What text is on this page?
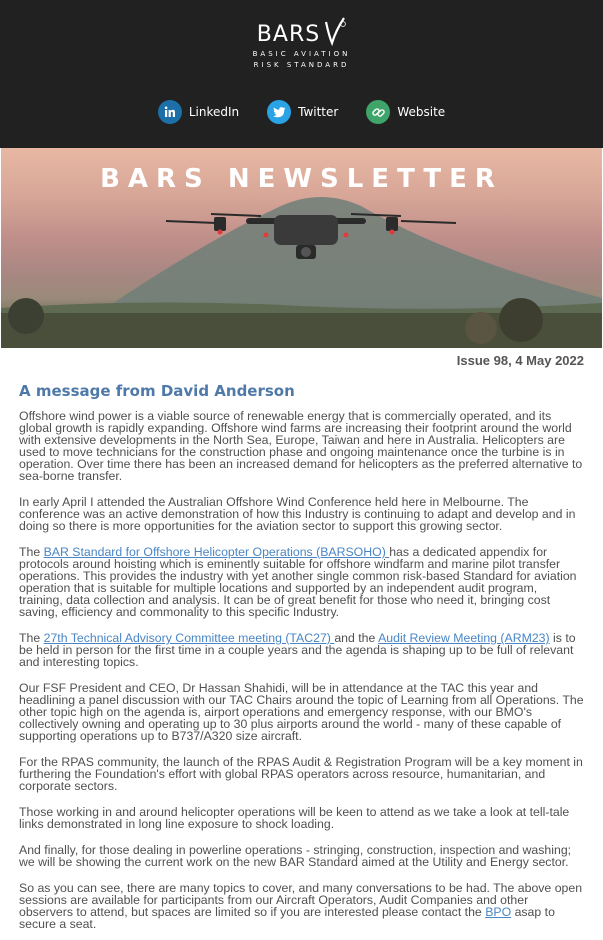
BARS
BASIC AVIATION
RISK STANDARD
LinkedIn	Twitter	Website
BARS NEWSLETTER
Issue 98, 4 May 2022
A message from David Anderson

Offshore wind power is a viable source of renewable energy that is commercially operated, and its global growth is rapidly expanding. Offshore wind farms are increasing their footprint around the world with extensive developments in the North Sea, Europe, Taiwan and here in Australia. Helicopters are used to move technicians for the construction phase and ongoing maintenance once the turbine is in operation. Over time there has been an increased demand for helicopters as the preferred alternative to sea-borne transfer.

In early April I attended the Australian Offshore Wind Conference held here in Melbourne. The conference was an active demonstration of how this Industry is continuing to adapt and develop and in doing so there is more opportunities for the aviation sector to support this growing sector.

The BAR Standard for Offshore Helicopter Operations (BARSOHO) has a dedicated appendix for protocols around hoisting which is eminently suitable for offshore windfarm and marine pilot transfer operations. This provides the industry with yet another single common risk-based Standard for aviation operation that is suitable for multiple locations and supported by an independent audit program, training, data collection and analysis. It can be of great benefit for those who need it, bringing cost saving, efficiency and commonality to this specific Industry.

The 27th Technical Advisory Committee meeting (TAC27) and the Audit Review Meeting (ARM23) is to be held in person for the first time in a couple years and the agenda is shaping up to be full of relevant and interesting topics.

Our FSF President and CEO, Dr Hassan Shahidi, will be in attendance at the TAC this year and headlining a panel discussion with our TAC Chairs around the topic of Learning from all Operations. The other topic high on the agenda is, airport operations and emergency response, with our BMO's collectively owning and operating up to 30 plus airports around the world - many of these capable of supporting operations up to B737/A320 size aircraft.

For the RPAS community, the launch of the RPAS Audit & Registration Program will be a key moment in furthering the Foundation's effort with global RPAS operators across resource, humanitarian, and corporate sectors.

Those working in and around helicopter operations will be keen to attend as we take a look at tell-tale links demonstrated in long line exposure to shock loading.

And finally, for those dealing in powerline operations - stringing, construction, inspection and washing; we will be showing the current work on the new BAR Standard aimed at the Utility and Energy sector.

So as you can see, there are many topics to cover, and many conversations to be had. The above open sessions are available for participants from our Aircraft Operators, Audit Companies and other observers to attend, but spaces are limited so if you are interested please contact the BPO asap to secure a seat.
